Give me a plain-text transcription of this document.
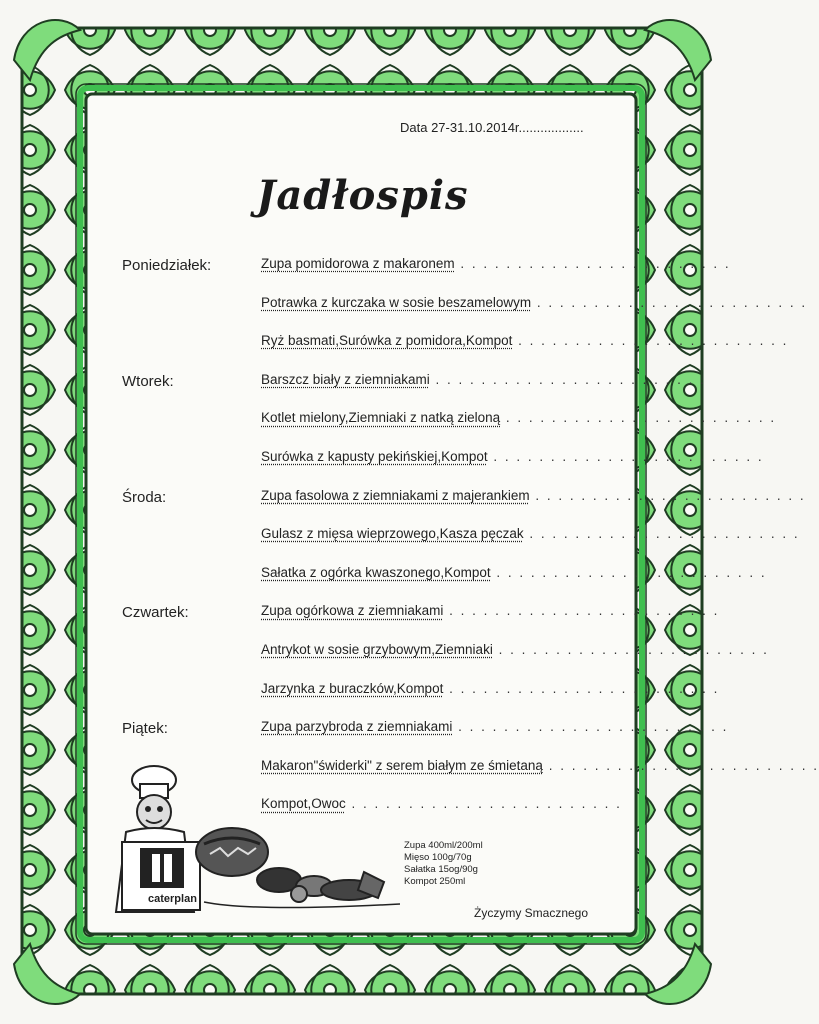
Data 27-31.10.2014r..................
Jadłospis
Poniedziałek:	Zupa pomidorowa z makaronem . . . . . . . . . . . . . . . . . . . . . . . .
Potrawka z kurczaka w sosie beszamelowym . . . . . . . . . . . . . . . . . . . . . . . .
Ryż basmati,Surówka z pomidora,Kompot . . . . . . . . . . . . . . . . . . . . . . . .
Wtorek:	Barszcz biały z ziemniakami . . . . . . . . . . . . . . . . . . . . . . . .
Kotlet mielony,Ziemniaki z natką zieloną . . . . . . . . . . . . . . . . . . . . . . . .
Surówka z kapusty pekińskiej,Kompot . . . . . . . . . . . . . . . . . . . . . . . .
Środa:	Zupa fasolowa z ziemniakami z majerankiem . . . . . . . . . . . . . . . . . . . . . . . .
Gulasz z mięsa wieprzowego,Kasza pęczak . . . . . . . . . . . . . . . . . . . . . . . .
Sałatka z ogórka kwaszonego,Kompot . . . . . . . . . . . . . . . . . . . . . . . .
Czwartek:	Zupa ogórkowa z ziemniakami . . . . . . . . . . . . . . . . . . . . . . . .
Antrykot w sosie grzybowym,Ziemniaki . . . . . . . . . . . . . . . . . . . . . . . .
Jarzynka z buraczków,Kompot . . . . . . . . . . . . . . . . . . . . . . . .
Piątek:	Zupa parzybroda z ziemniakami . . . . . . . . . . . . . . . . . . . . . . . .
Makaron"świderki" z serem białym ze śmietaną . . . . . . . . . . . . . . . . . . . . . . . .
Kompot,Owoc . . . . . . . . . . . . . . . . . . . . . . . .
caterplan
Zupa 400ml/200ml
Mięso 100g/70g
Sałatka 15og/90g
Kompot 250ml
Życzymy Smacznego
